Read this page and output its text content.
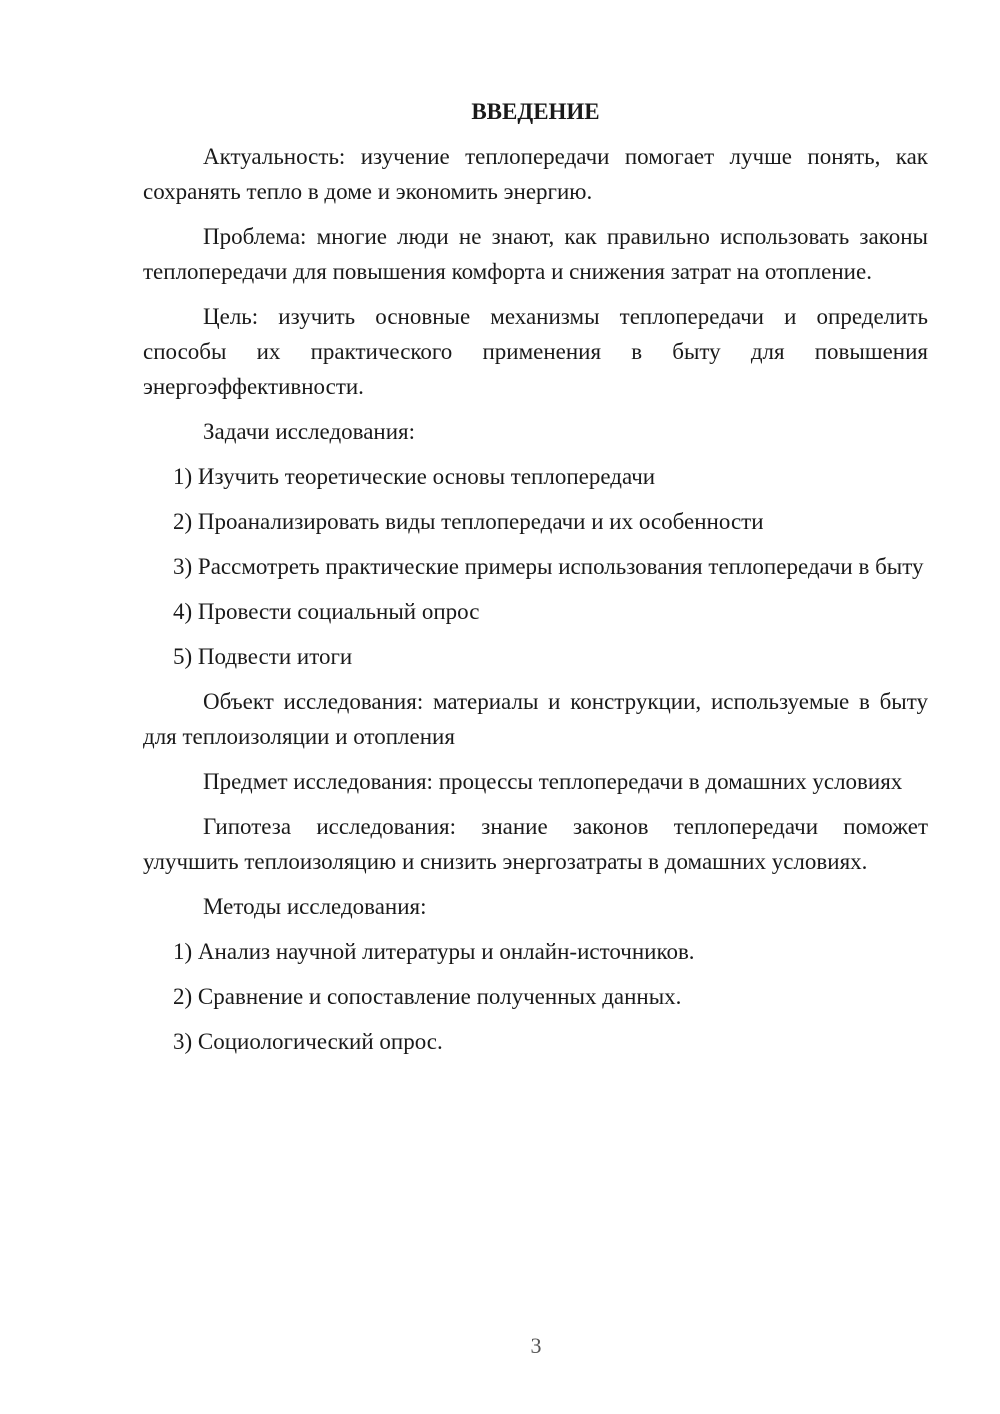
ВВЕДЕНИЕ

Актуальность: изучение теплопередачи помогает лучше понять, как сохранять тепло в доме и экономить энергию.

Проблема: многие люди не знают, как правильно использовать законы теплопередачи для повышения комфорта и снижения затрат на отопление.

Цель: изучить основные механизмы теплопередачи и определить способы их практического применения в быту для повышения энергоэффективности.

Задачи исследования:

1) Изучить теоретические основы теплопередачи

2) Проанализировать виды теплопередачи и их особенности

3) Рассмотреть практические примеры использования теплопередачи в быту

4) Провести социальный опрос

5) Подвести итоги

Объект исследования: материалы и конструкции, используемые в быту для теплоизоляции и отопления

Предмет исследования: процессы теплопередачи в домашних условиях

Гипотеза исследования: знание законов теплопередачи поможет улучшить теплоизоляцию и снизить энергозатраты в домашних условиях.

Методы исследования:

1) Анализ научной литературы и онлайн-источников.

2) Сравнение и сопоставление полученных данных.

3) Социологический опрос.

3
